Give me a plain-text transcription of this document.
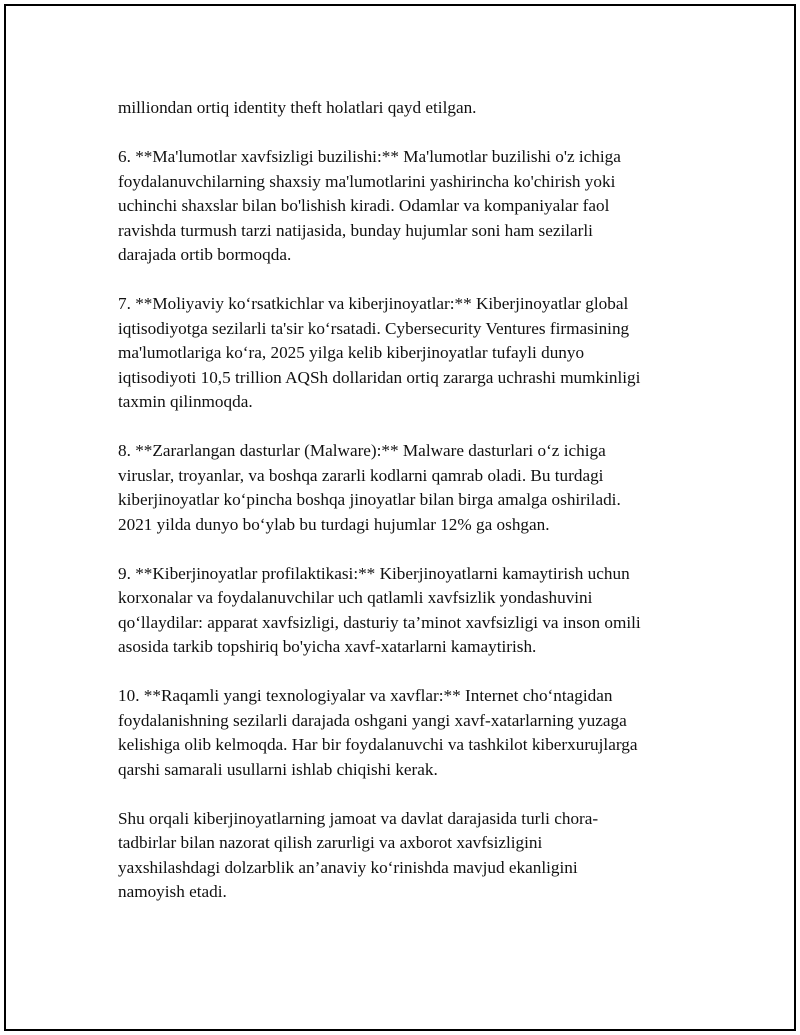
milliondan ortiq identity theft holatlari qayd etilgan.

6. **Ma'lumotlar xavfsizligi buzilishi:** Ma'lumotlar buzilishi o'z ichiga
foydalanuvchilarning shaxsiy ma'lumotlarini yashirincha ko'chirish yoki
uchinchi shaxslar bilan bo'lishish kiradi. Odamlar va kompaniyalar faol
ravishda turmush tarzi natijasida, bunday hujumlar soni ham sezilarli
darajada ortib bormoqda.

7. **Moliyaviy koʻrsatkichlar va kiberjinoyatlar:** Kiberjinoyatlar global
iqtisodiyotga sezilarli ta'sir koʻrsatadi. Cybersecurity Ventures firmasining
ma'lumotlariga koʻra, 2025 yilga kelib kiberjinoyatlar tufayli dunyo
iqtisodiyoti 10,5 trillion AQSh dollaridan ortiq zararga uchrashi mumkinligi
taxmin qilinmoqda.

8. **Zararlangan dasturlar (Malware):** Malware dasturlari oʻz ichiga
viruslar, troyanlar, va boshqa zararli kodlarni qamrab oladi. Bu turdagi
kiberjinoyatlar koʻpincha boshqa jinoyatlar bilan birga amalga oshiriladi.
2021 yilda dunyo boʻylab bu turdagi hujumlar 12% ga oshgan.

9. **Kiberjinoyatlar profilaktikasi:** Kiberjinoyatlarni kamaytirish uchun
korxonalar va foydalanuvchilar uch qatlamli xavfsizlik yondashuvini
qoʻllaydilar: apparat xavfsizligi, dasturiy ta’minot xavfsizligi va inson omili
asosida tarkib topshiriq bo'yicha xavf-xatarlarni kamaytirish.

10. **Raqamli yangi texnologiyalar va xavflar:** Internet choʻntagidan
foydalanishning sezilarli darajada oshgani yangi xavf-xatarlarning yuzaga
kelishiga olib kelmoqda. Har bir foydalanuvchi va tashkilot kiberxurujlarga
qarshi samarali usullarni ishlab chiqishi kerak.

Shu orqali kiberjinoyatlarning jamoat va davlat darajasida turli chora-
tadbirlar bilan nazorat qilish zarurligi va axborot xavfsizligini
yaxshilashdagi dolzarblik an’anaviy koʻrinishda mavjud ekanligini
namoyish etadi.
